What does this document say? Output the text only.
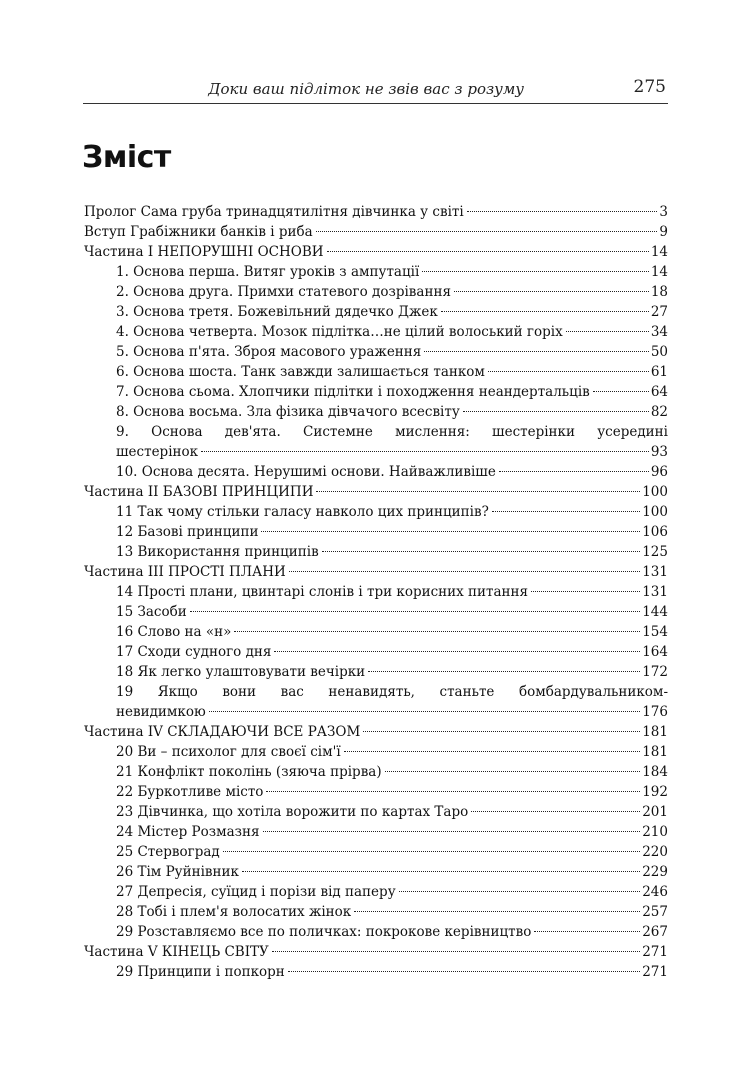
Доки ваш підліток не звів вас з розуму	275
Зміст
Пролог Сама груба тринадцятилітня дівчинка у світі	3
Вступ Грабіжники банків і риба	9
Частина І НЕПОРУШНІ ОСНОВИ	14
1. Основа перша. Витяг уроків з ампутації	14
2. Основа друга. Примхи статевого дозрівання	18
3. Основа третя. Божевільний дядечко Джек	27
4. Основа четверта. Мозок підлітка…не цілий волоський горіх	34
5. Основа п'ята. Зброя масового ураження	50
6. Основа шоста. Танк завжди залишається танком	61
7. Основа сьома. Хлопчики підлітки і походження неандертальців	64
8. Основа восьма. Зла фізика дівчачого всесвіту	82
9. Основа дев'ята. Системне мислення: шестерінки усередині
шестерінок	93
10. Основа десята. Нерушимі основи. Найважливіше	96
Частина ІІ БАЗОВІ ПРИНЦИПИ	100
11 Так чому стільки галасу навколо цих принципів?	100
12 Базові принципи	106
13 Використання принципів	125
Частина ІІІ ПРОСТІ ПЛАНИ	131
14 Прості плани, цвинтарі слонів і три корисних питання	131
15 Засоби	144
16 Слово на «н»	154
17 Сходи судного дня	164
18 Як легко улаштовувати вечірки	172
19 Якщо вони вас ненавидять, станьте бомбардувальником-
невидимкою	176
Частина IV СКЛАДАЮЧИ ВСЕ РАЗОМ	181
20 Ви – психолог для своєї сім'ї	181
21 Конфлікт поколінь (зяюча прірва)	184
22 Буркотливе місто	192
23 Дівчинка, що хотіла ворожити по картах Таро	201
24 Містер Розмазня	210
25 Стервоград	220
26 Тім Руйнівник	229
27 Депресія, суїцид і порізи від паперу	246
28 Тобі і плем'я волосатих жінок	257
29 Розставляємо все по поличках: покрокове керівництво	267
Частина V КІНЕЦЬ СВІТУ	271
29 Принципи і попкорн	271
